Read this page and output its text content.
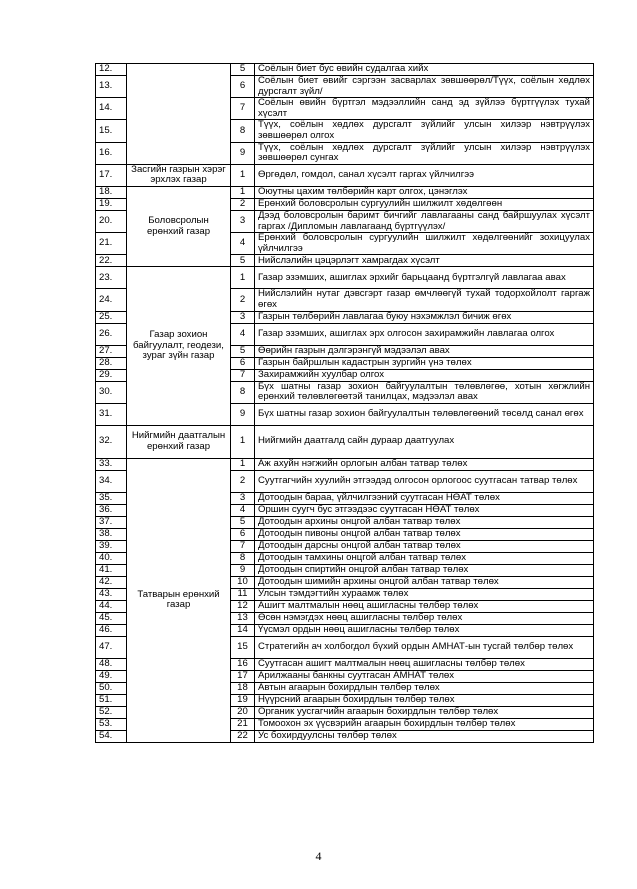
12.		5	Соёлын биет бус өвийн судалгаа хийх
13.		6	Соёлын биет өвийг сэргээн засварлах зөвшөөрөл/Түүх, соёлын хөдлөх дурсгалт зүйл/
14.		7	Соёлын өвийн бүртгэл мэдээллийн санд эд зүйлээ бүртгүүлэх тухай хүсэлт
15.		8	Түүх, соёлын хөдлөх дурсгалт зүйлийг улсын хилээр нэвтрүүлэх зөвшөөрөл олгох
16.		9	Түүх, соёлын хөдлөх дурсгалт зүйлийг улсын хилээр нэвтрүүлэх зөвшөөрөл сунгах
17.	Засгийн газрын хэрэг эрхлэх газар	1	Өргөдөл, гомдол, санал хүсэлт гаргах үйлчилгээ
18.	Боловсролын ерөнхий газар	1	Оюутны цахим төлбөрийн карт олгох, цэнэглэх
19.		2	Ерөнхий боловсролын сургуулийн шилжилт хөдөлгөөн
20.		3	Дээд боловсролын баримт бичгийг лавлагааны санд байршуулах хүсэлт гаргах /Дипломын лавлагаанд бүртгүүлэх/
21.		4	Ерөнхий боловсролын сургуулийн шилжилт хөдөлгөөнийг зохицуулах үйлчилгээ
22.		5	Нийслэлийн цэцэрлэгт хамрагдах хүсэлт
23.	Газар зохион байгуулалт, геодези, зураг зүйн газар	1	Газар эзэмших, ашиглах эрхийг барьцаанд бүртгэлгүй лавлагаа авах
24.		2	Нийслэлийн нутаг дэвсгэрт газар өмчлөөгүй тухай тодорхойлолт гаргаж өгөх
25.		3	Газрын төлбөрийн лавлагаа буюу нэхэмжлэл бичиж өгөх
26.		4	Газар эзэмших, ашиглах эрх олгосон захирамжийн лавлагаа олгох
27.		5	Өөрийн газрын дэлгэрэнгүй мэдээлэл авах
28.		6	Газрын байршлын кадастрын зургийн үнэ төлөх
29.		7	Захирамжийн хуулбар олгох
30.		8	Бүх шатны газар зохион байгуулалтын төлөвлөгөө, хотын хөгжлийн ерөнхий төлөвлөгөөтэй танилцах, мэдээлэл авах
31.		9	Бүх шатны газар зохион байгуулалтын төлөвлөгөөний төсөлд санал өгөх
32.	Нийгмийн даатгалын ерөнхий газар	1	Нийгмийн даатгалд сайн дураар даатгуулах
33.	Татварын ерөнхий газар	1	Аж ахуйн нэгжийн орлогын албан татвар төлөх
34.		2	Суутгагчийн хуулийн этгээдэд олгосон орлогоос суутгасан татвар төлөх
35.		3	Дотоодын бараа, үйлчилгээний суутгасан НӨАТ төлөх
36.		4	Оршин суугч бус этгээдээс суутгасан НӨАТ төлөх
37.		5	Дотоодын архины онцгой албан татвар төлөх
38.		6	Дотоодын пивоны онцгой албан татвар төлөх
39.		7	Дотоодын дарсны онцгой албан татвар төлөх
40.		8	Дотоодын тамхины онцгой албан татвар төлөх
41.		9	Дотоодын спиртийн онцгой албан татвар төлөх
42.		10	Дотоодын шимийн архины онцгой албан татвар төлөх
43.		11	Улсын тэмдэгтийн хураамж төлөх
44.		12	Ашигт малтмалын нөөц ашигласны төлбөр төлөх
45.		13	Өсөн нэмэгдэх нөөц ашигласны төлбөр төлөх
46.		14	Үүсмэл ордын нөөц ашигласны төлбөр төлөх
47.		15	Стратегийн ач холбогдол бүхий ордын АМНАТ-ын тусгай төлбөр төлөх
48.		16	Суутгасан ашигт малтмалын нөөц ашигласны төлбөр төлөх
49.		17	Арилжааны банкны суутгасан АМНАТ төлөх
50.		18	Автын агаарын бохирдлын төлбөр төлөх
51.		19	Нүүрсний агаарын бохирдлын төлбөр төлөх
52.		20	Органик уусгагчийн агаарын бохирдлын төлбөр төлөх
53.		21	Томоохон эх үүсвэрийн агаарын бохирдлын төлбөр төлөх
54.		22	Ус бохирдуулсны төлбөр төлөх
4
